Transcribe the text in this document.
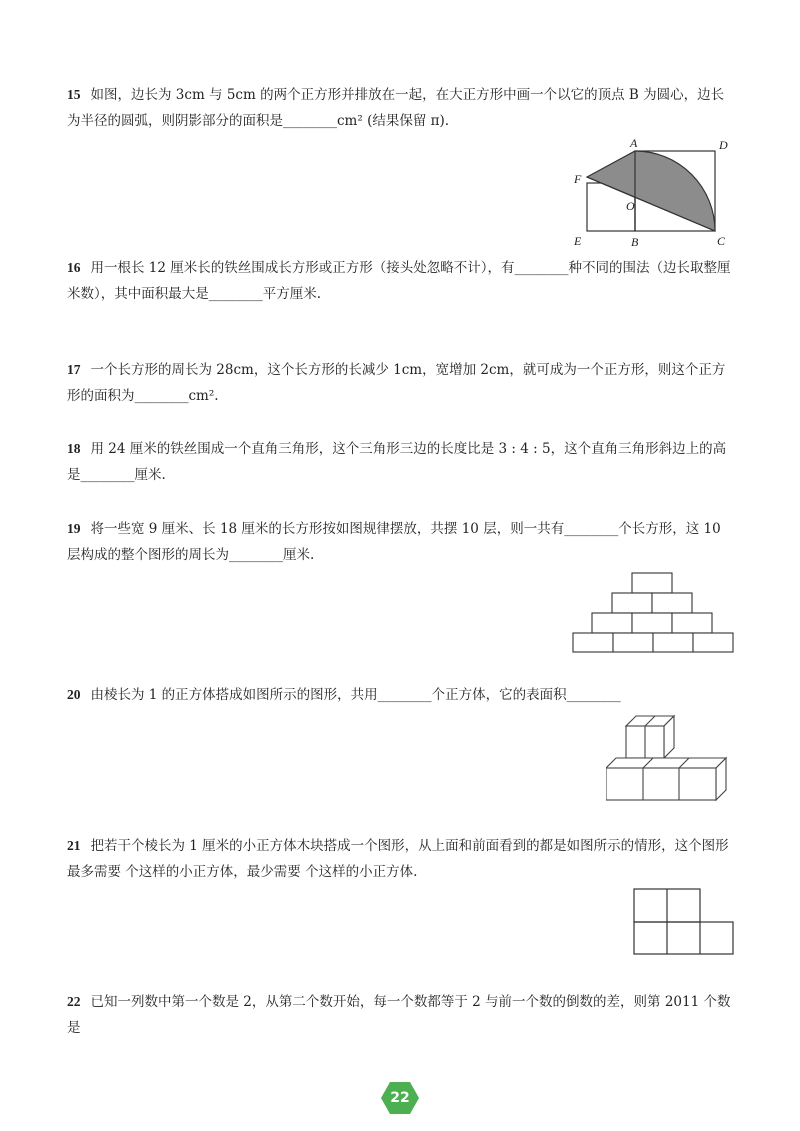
15 如图，边长为 3cm 与 5cm 的两个正方形并排放在一起，在大正方形中画一个以它的顶点 B 为圆心，边长为半径的圆弧，则阴影部分的面积是________cm² (结果保留 π).
A	D
F
O
E	B	C
16 用一根长 12 厘米长的铁丝围成长方形或正方形（接头处忽略不计），有________种不同的围法（边长取整厘米数），其中面积最大是________平方厘米.
17 一个长方形的周长为 28cm，这个长方形的长减少 1cm，宽增加 2cm，就可成为一个正方形，则这个正方形的面积为________cm².
18 用 24 厘米的铁丝围成一个直角三角形，这个三角形三边的长度比是 3 : 4 : 5，这个直角三角形斜边上的高是________厘米.
19 将一些宽 9 厘米、长 18 厘米的长方形按如图规律摆放，共摆 10 层，则一共有________个长方形，这 10 层构成的整个图形的周长为________厘米.
20 由棱长为 1 的正方体搭成如图所示的图形，共用________个正方体，它的表面积________
21 把若干个棱长为 1 厘米的小正方体木块搭成一个图形，从上面和前面看到的都是如图所示的情形，这个图形最多需要 个这样的小正方体，最少需要 个这样的小正方体.
22 已知一列数中第一个数是 2，从第二个数开始，每一个数都等于 2 与前一个数的倒数的差，则第 2011 个数是
22
